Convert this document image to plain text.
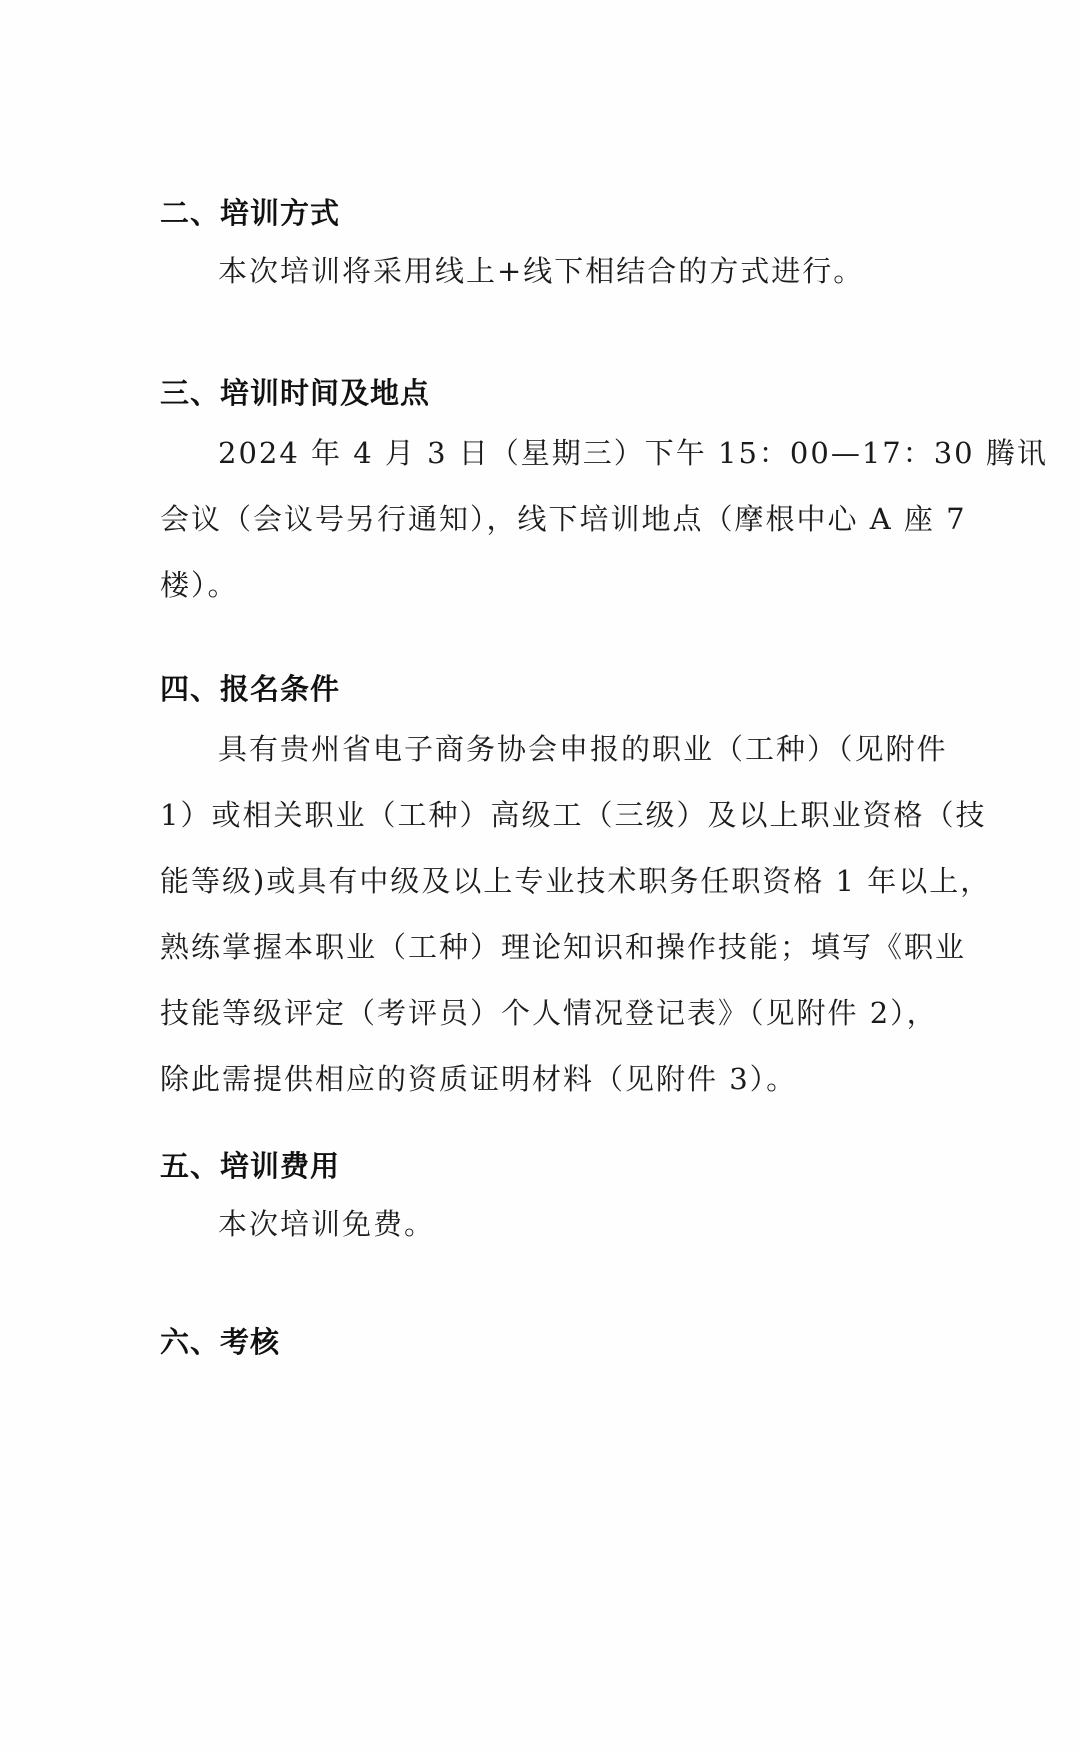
二、培训方式
本次培训将采用线上+线下相结合的方式进行。
三、培训时间及地点
2024 年 4 月 3 日（星期三）下午 15：00—17：30 腾讯
会议（会议号另行通知），线下培训地点（摩根中心 A 座 7
楼）。
四、报名条件
具有贵州省电子商务协会申报的职业（工种）（见附件
1）或相关职业（工种）高级工（三级）及以上职业资格（技
能等级)或具有中级及以上专业技术职务任职资格 1 年以上，
熟练掌握本职业（工种）理论知识和操作技能；填写《职业
技能等级评定（考评员）个人情况登记表》（见附件 2），
除此需提供相应的资质证明材料（见附件 3）。
五、培训费用
本次培训免费。
六、考核
